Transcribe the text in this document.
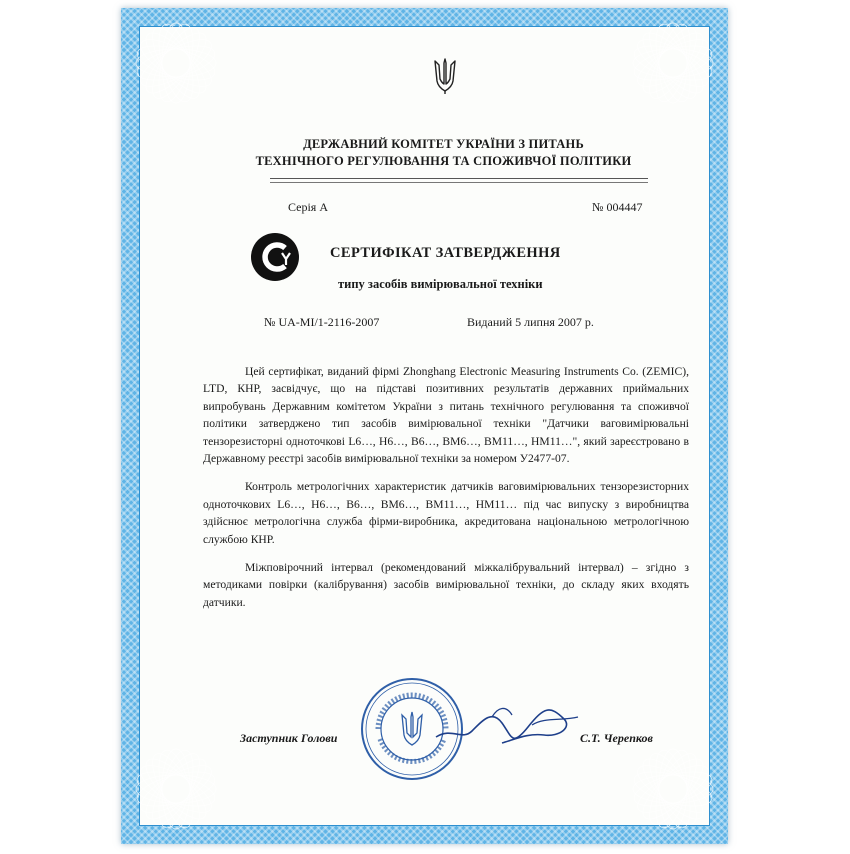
ДЕРЖАВНИЙ КОМІТЕТ УКРАЇНИ З ПИТАНЬ
ТЕХНІЧНОГО РЕГУЛЮВАННЯ ТА СПОЖИВЧОЇ ПОЛІТИКИ
Серія А	№ 004447
СЕРТИФІКАТ ЗАТВЕРДЖЕННЯ
типу засобів вимірювальної техніки
№ UA-MI/1-2116-2007	Виданий 5 липня 2007 р.

Цей сертифікат, виданий фірмі Zhonghang Electronic Measuring Instruments Co. (ZEMIC), LTD, КНР, засвідчує, що на підставі позитивних результатів державних приймальних випробувань Державним комітетом України з питань технічного регулювання та споживчої політики затверджено тип засобів вимірювальної техніки "Датчики ваговимірювальні тензорезисторні одноточкові L6…, H6…, B6…, BM6…, BM11…, HM11…", який зареєстровано в Державному реєстрі засобів вимірювальної техніки за номером У2477-07.

Контроль метрологічних характеристик датчиків ваговимірювальних тензорезисторних одноточкових L6…, H6…, B6…, BM6…, BM11…, HM11… під час випуску з виробництва здійснює метрологічна служба фірми-виробника, акредитована національною метрологічною службою КНР.

Міжповірочний інтервал (рекомендований міжкалібрувальний інтервал) – згідно з методиками повірки (калібрування) засобів вимірювальної техніки, до складу яких входять датчики.

Заступник Голови	С.Т. Черепков
